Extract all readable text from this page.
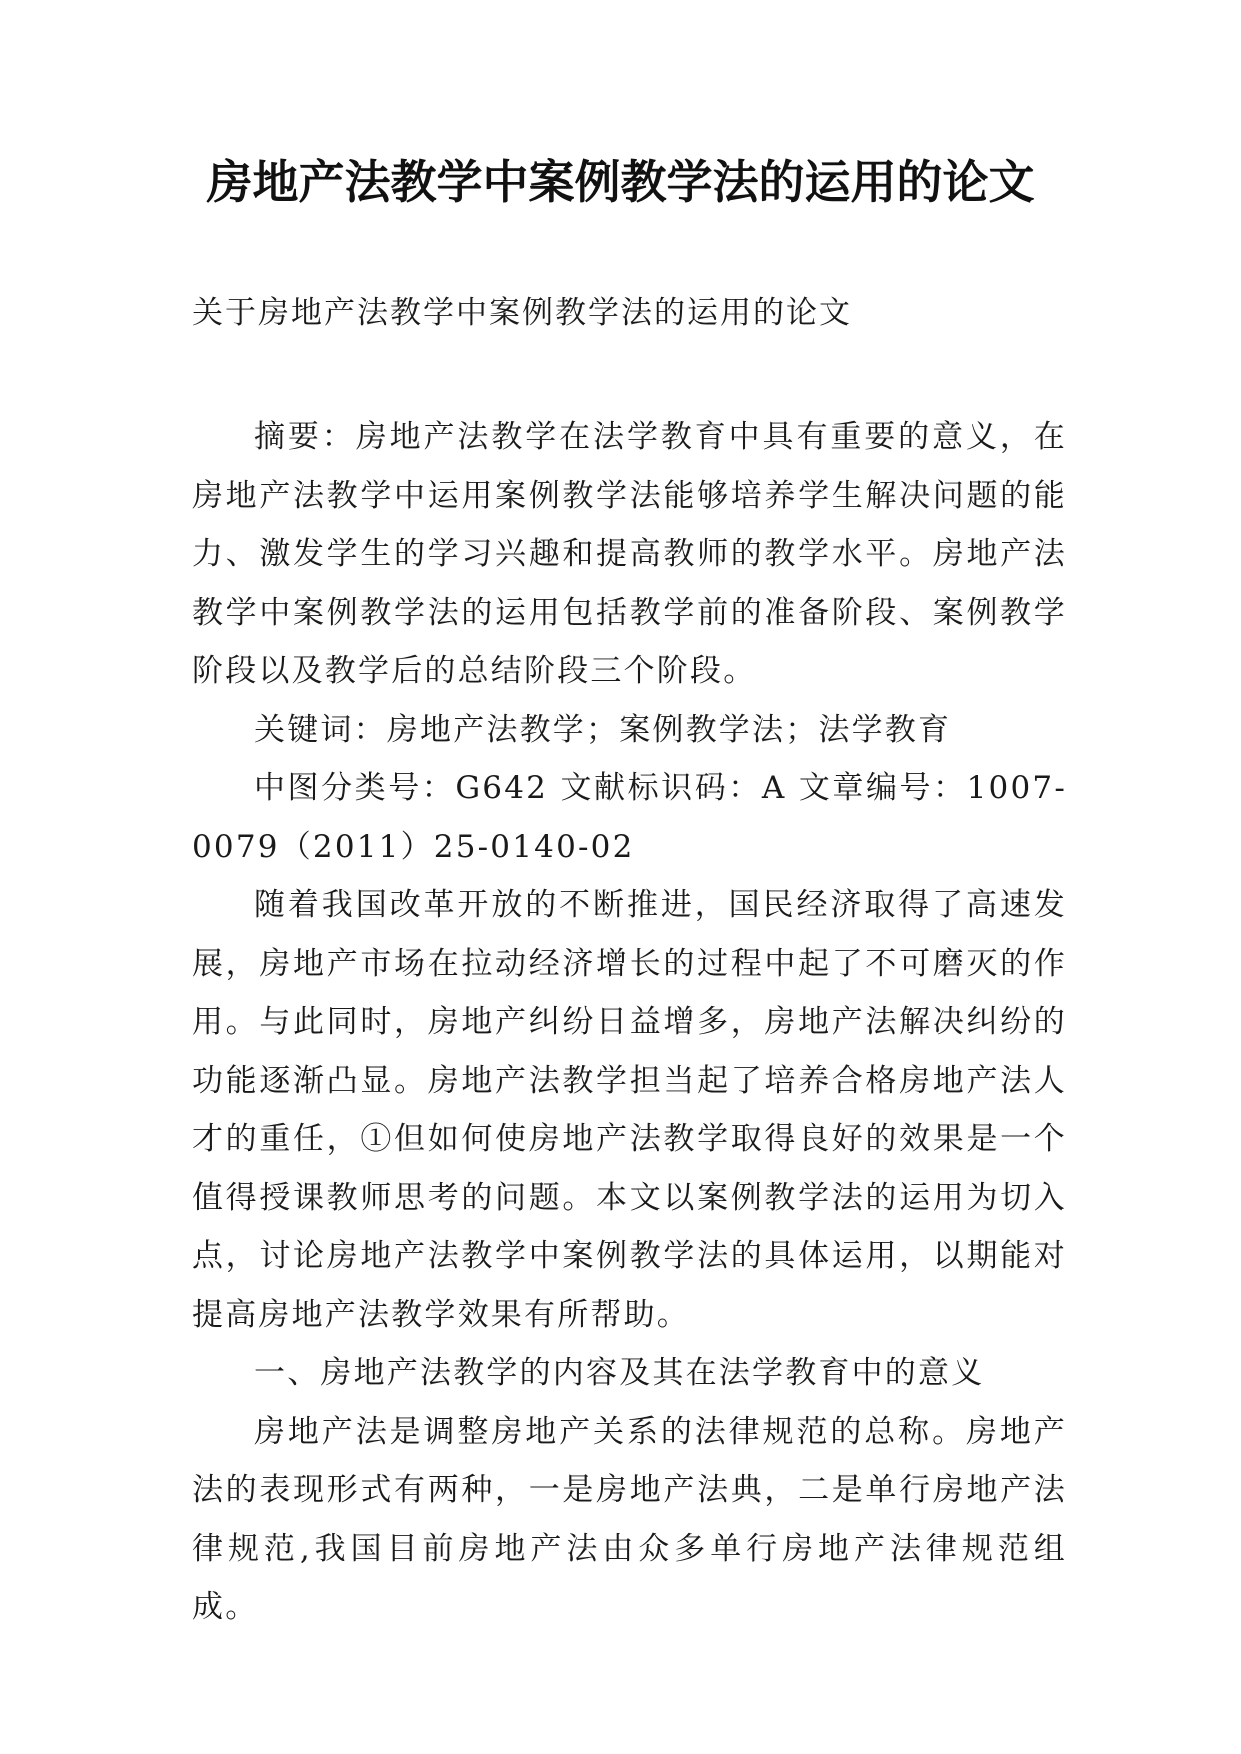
房地产法教学中案例教学法的运用的论文
关于房地产法教学中案例教学法的运用的论文

摘要：房地产法教学在法学教育中具有重要的意义，在房地产法教学中运用案例教学法能够培养学生解决问题的能力、激发学生的学习兴趣和提高教师的教学水平。房地产法教学中案例教学法的运用包括教学前的准备阶段、案例教学阶段以及教学后的总结阶段三个阶段。

关键词：房地产法教学；案例教学法；法学教育

中图分类号：G642 文献标识码：A 文章编号：1007-0079（2011）25-0140-02

随着我国改革开放的不断推进，国民经济取得了高速发展，房地产市场在拉动经济增长的过程中起了不可磨灭的作用。与此同时，房地产纠纷日益增多，房地产法解决纠纷的功能逐渐凸显。房地产法教学担当起了培养合格房地产法人才的重任，①但如何使房地产法教学取得良好的效果是一个值得授课教师思考的问题。本文以案例教学法的运用为切入点，讨论房地产法教学中案例教学法的具体运用，以期能对提高房地产法教学效果有所帮助。

一、房地产法教学的内容及其在法学教育中的意义

房地产法是调整房地产关系的法律规范的总称。房地产法的表现形式有两种，一是房地产法典，二是单行房地产法律规范,我国目前房地产法由众多单行房地产法律规范组成。
